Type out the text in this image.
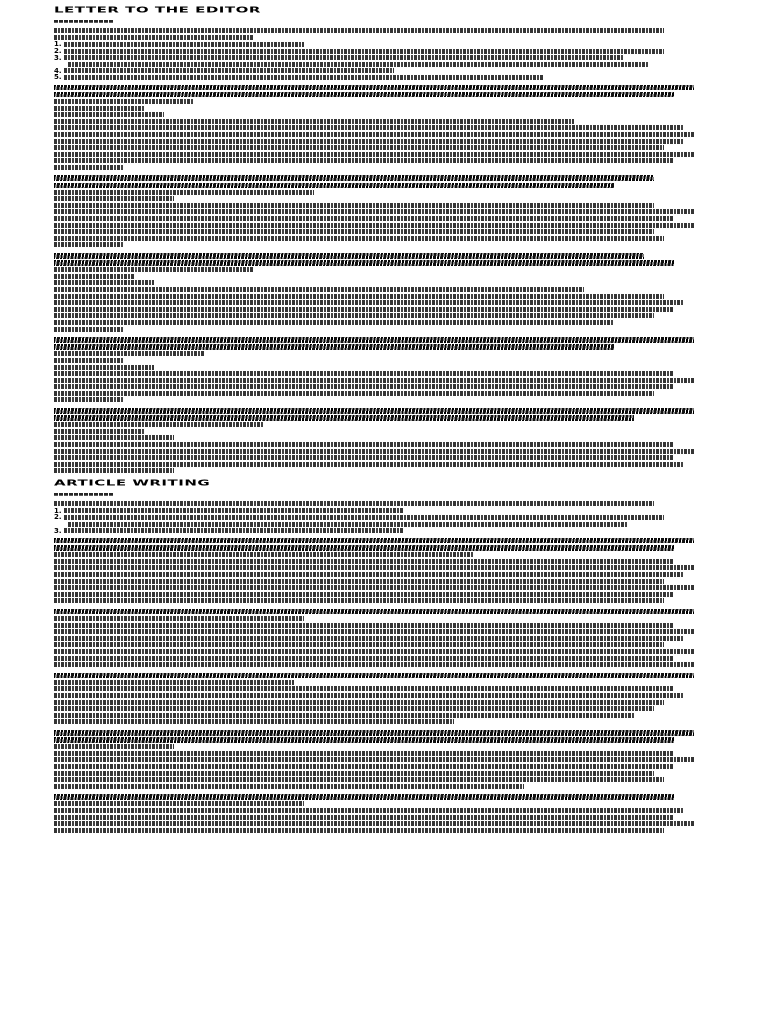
LETTER TO THE EDITOR
1.
2.
3.
4.
5.
ARTICLE WRITING
1.
2.
3.
